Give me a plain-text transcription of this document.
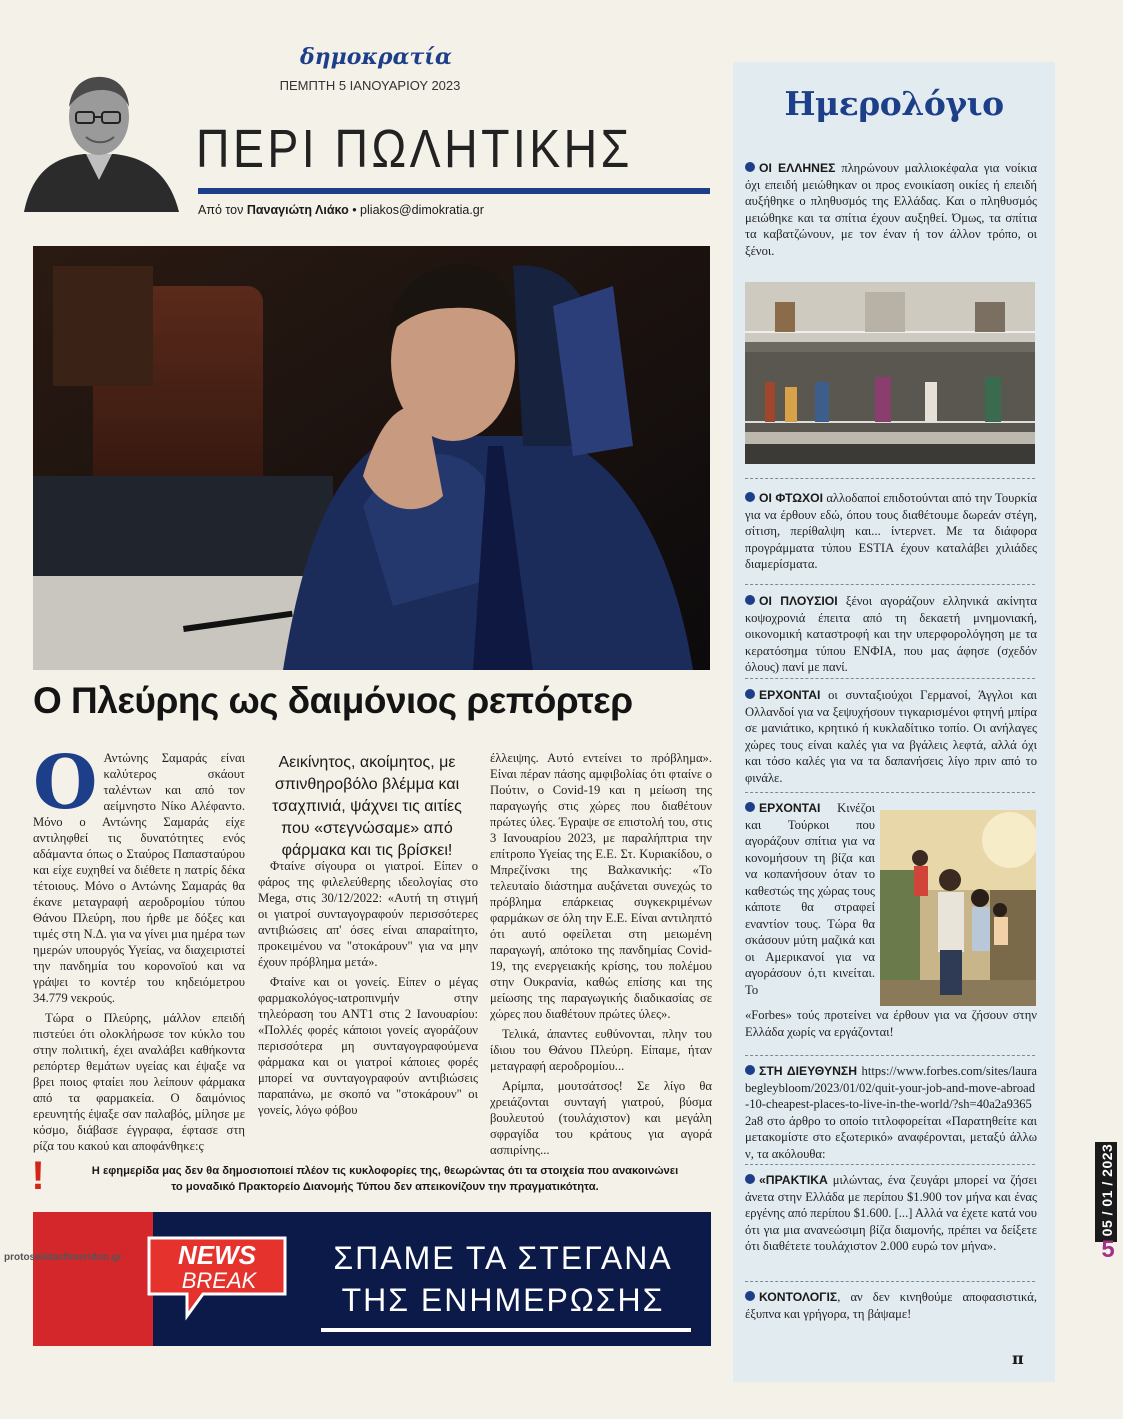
δημοκρατία
ΠΕΜΠΤΗ 5 ΙΑΝΟΥΑΡΙΟΥ 2023
ΠΕΡΙ ΠΩΛΗΤΙΚΗΣ
Από τον Παναγιώτη Λιάκο • pliakos@dimokratia.gr
Ο Πλεύρης ως δαιμόνιος ρεπόρτερ

Ο Αντώνης Σαμαράς είναι καλύτερος σκάουτ ταλέντων και από τον αείμνηστο Νίκο Αλέφαντο. Μόνο ο Αντώνης Σαμαράς είχε αντιληφθεί τις δυνατότητες ενός αδάμαντα όπως ο Σταύρος Παπασταύρου και είχε ευχηθεί να διέθετε η πατρίς δέκα τέτοιους. Μόνο ο Αντώνης Σαμαράς θα έκανε μεταγραφή αεροδρομίου τύπου Θάνου Πλεύρη, που ήρθε με δόξες και τιμές στη Ν.Δ. για να γίνει μια ημέρα των ημερών υπουργός Υγείας, να διαχειριστεί την πανδημία του κορονοϊού και να γράψει το κοντέρ του κηδειόμετρου 34.779 νεκρούς.

Τώρα ο Πλεύρης, μάλλον επειδή πιστεύει ότι ολοκλήρωσε τον κύκλο του στην πολιτική, έχει αναλάβει καθήκοντα ρεπόρτερ θεμάτων υγείας και έψαξε να βρει ποιος φταίει που λείπουν φάρμακα από τα φαρμακεία. Ο δαιμόνιος ερευνητής έψαξε σαν παλαβός, μίλησε με κόσμο, διάβασε έγγραφα, έφτασε στη ρίζα του κακού και αποφάνθηκε:ç

Αεικίνητος, ακοίμητος, με σπινθηροβόλο βλέμμα και τσαχπινιά, ψάχνει τις αιτίες που «στεγνώσαμε» από φάρμακα και τις βρίσκει!

Φταίνε σίγουρα οι γιατροί. Είπεν ο φάρος της φιλελεύθερης ιδεολογίας στο Mega, στις 30/12/2022: «Αυτή τη στιγμή οι γιατροί συνταγογραφούν περισσότερες αντιβιώσεις απ' όσες είναι απαραίτητο, προκειμένου να "στοκάρουν" για να μην έχουν πρόβλημα μετά».

Φταίνε και οι γονείς. Είπεν ο μέγας φαρμακολόγος-ιατροπινμήν στην τηλεόραση του ΑΝΤ1 στις 2 Ιανουαρίου: «Πολλές φορές κάποιοι γονείς αγοράζουν περισσότερα μη συνταγογραφούμενα φάρμακα και οι γιατροί κάποιες φορές μπορεί να συνταγογραφούν αντιβιώσεις παραπάνω, με σκοπό να "στοκάρουν" οι γονείς, λόγω φόβου

έλλειψης. Αυτό εντείνει το πρόβλημα». Είναι πέραν πάσης αμφιβολίας ότι φταίνε ο Πούτιν, ο Covid-19 και η μείωση της παραγωγής στις χώρες που διαθέτουν πρώτες ύλες. Έγραψε σε επιστολή του, στις 3 Ιανουαρίου 2023, με παραλήπτρια την επίτροπο Υγείας της Ε.Ε. Στ. Κυριακίδου, ο Μπρεζίνσκι της Βαλκανικής: «Το τελευταίο διάστημα αυξάνεται συνεχώς το πρόβλημα επάρκειας συγκεκριμένων φαρμάκων σε όλη την Ε.Ε. Είναι αντιληπτό ότι αυτό οφείλεται στη μειωμένη παραγωγή, απότοκο της πανδημίας Covid-19, της ενεργειακής κρίσης, του πολέμου στην Ουκρανία, καθώς επίσης και της μείωσης της παραγωγικής διαδικασίας σε χώρες που διαθέτουν πρώτες ύλες».

Τελικά, άπαντες ευθύνονται, πλην του ίδιου του Θάνου Πλεύρη. Είπαμε, ήταν μεταγραφή αεροδρομίου...

Αρίμπα, μουτσάτσος! Σε λίγο θα χρειάζονται συνταγή γιατρού, βύσμα βουλευτού (τουλάχιστον) και μεγάλη σφραγίδα του κράτους για αγορά ασπιρίνης...

!	Η εφημερίδα μας δεν θα δημοσιοποιεί πλέον τις κυκλοφορίες της, θεωρώντας ότι τα στοιχεία που ανακοινώνει
το μοναδικό Πρακτορείο Διανομής Τύπου δεν απεικονίζουν την πραγματικότητα.
NEWS
BREAK
ΣΠΑΜΕ ΤΑ ΣΤΕΓΑΝΑ
ΤΗΣ ΕΝΗΜΕΡΩΣΗΣ
protoselidaefimeridon.gr
Ημερολόγιο
ΟΙ ΕΛΛΗΝΕΣ πληρώνουν μαλλιοκέφαλα για νοίκια όχι επειδή μειώθηκαν οι προς ενοικίαση οικίες ή επειδή αυξήθηκε ο πληθυσμός της Ελλάδας. Και ο πληθυσμός μειώθηκε και τα σπίτια έχουν αυξηθεί. Όμως, τα σπίτια τα καβατζώνουν, με τον έναν ή τον άλλον τρόπο, οι ξένοι.
ΟΙ ΦΤΩΧΟΙ αλλοδαποί επιδοτούνται από την Τουρκία για να έρθουν εδώ, όπου τους διαθέτουμε δωρεάν στέγη, σίτιση, περίθαλψη και... ίντερνετ. Με τα διάφορα προγράμματα τύπου ΕSTIA έχουν καταλάβει χιλιάδες διαμερίσματα.
ΟΙ ΠΛΟΥΣΙΟΙ ξένοι αγοράζουν ελληνικά ακίνητα κοψοχρονιά έπειτα από τη δεκαετή μνημονιακή, οικονομική καταστροφή και την υπερφορολόγηση με τα κερατόσημα τύπου ΕΝΦΙΑ, που μας άφησε (σχεδόν όλους) πανί με πανί.
ΕΡΧΟΝΤΑΙ οι συνταξιούχοι Γερμανοί, Άγγλοι και Ολλανδοί για να ξεψυχήσουν τιγκαρισμένοι φτηνή μπίρα σε μανιάτικο, κρητικό ή κυκλαδίτικο τοπίο. Οι ανήλαγες χώρες τους είναι καλές για να βγάλεις λεφτά, αλλά όχι και τόσο καλές για να τα δαπανήσεις λίγο πριν από το φινάλε.
ΕΡΧΟΝΤΑΙ Κινέζοι και Τούρκοι που αγοράζουν σπίτια για να κονομήσουν τη βίζα και να κοπανήσουν όταν το καθεστώς της χώρας τους κάποτε θα στραφεί εναντίον τους. Τώρα θα σκάσουν μύτη μαζικά και οι Αμερικανοί για να αγοράσουν ό,τι κινείται. Το
«Forbes» τούς προτείνει να έρθουν για να ζήσουν στην Ελλάδα χωρίς να εργάζονται!
ΣΤΗ ΔΙΕΥΘΥΝΣΗ https://www.forbes.com/sites/laurabegleybloom/2023/01/02/quit-your-job-and-move-abroad-10-cheapest-places-to-live-in-the-world/?sh=40a2a93652a8 στο άρθρο το οποίο τιτλοφορείται «Παρατηθείτε και μετακομίστε στο εξωτερικό» αναφέρονται, μεταξύ άλλων, τα ακόλουθα:
«ΠΡΑΚΤΙΚΑ μιλώντας, ένα ζευγάρι μπορεί να ζήσει άνετα στην Ελλάδα με περίπου $1.900 τον μήνα και ένας εργένης από περίπου $1.600. [...] Αλλά να έχετε κατά νου ότι για μια ανανεώσιμη βίζα διαμονής, πρέπει να δείξετε ότι διαθέτετε τουλάχιστον 2.000 ευρώ τον μήνα».
ΚΟΝΤΟΛΟΓΙΣ, αν δεν κινηθούμε αποφασιστικά, έξυπνα και γρήγορα, τη βάψαμε!
π
05 / 01 / 2023
5
